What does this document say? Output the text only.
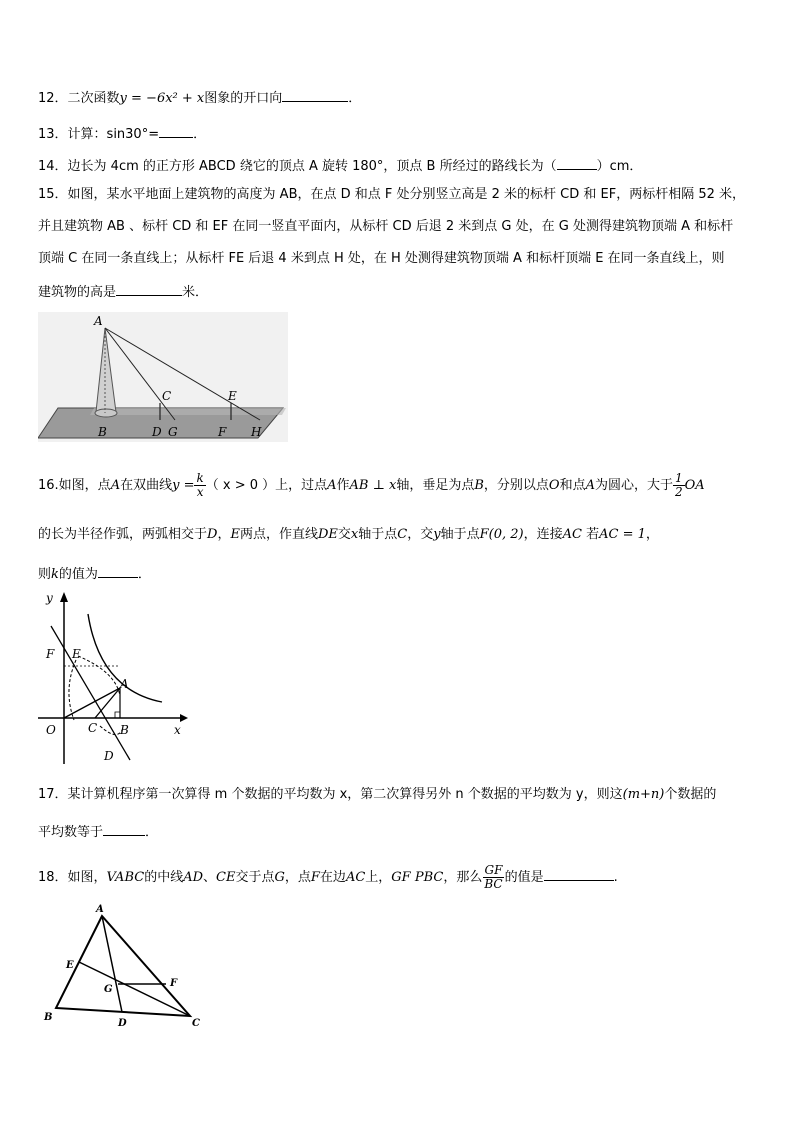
12．二次函数y = −6x² + x图象的开口向	．
13．计算：sin30°=	．
14．边长为 4cm 的正方形 ABCD 绕它的顶点 A 旋转 180°，顶点 B 所经过的路线长为（	）cm．
15．如图，某水平地面上建筑物的高度为 AB，在点 D 和点 F 处分别竖立高是 2 米的标杆 CD 和 EF，两标杆相隔 52 米，
并且建筑物 AB 、标杆 CD 和 EF 在同一竖直平面内，从标杆 CD 后退 2 米到点 G 处，在 G 处测得建筑物顶端 A 和标杆
顶端 C 在同一条直线上；从标杆 FE 后退 4 米到点 H 处，在 H 处测得建筑物顶端 A 和标杆顶端 E 在同一条直线上，则
建筑物的高是	米．
A
B
C
D
E
F
G	H
16.如图，点A在双曲线$y = \frac{k}{x}$ （ x > 0 ）上，过点A作AB ⊥ x轴，垂足为点B，分别以点O和点A为圆心，大于 $\frac{1}{2}$ OA
的长为半径作弧，两弧相交于D，E两点，作直线DE交x轴于点C，交y轴于点F(0, 2)，连接AC 若AC = 1，
则k的值为	．
y
x
O
F E
A
C B
D
17．某计算机程序第一次算得 m 个数据的平均数为 x，第二次算得另外 n 个数据的平均数为 y，则这(m+n)个数据的
平均数等于	．
18．如图，VABC的中线AD、CE交于点G，点F在边AC上，GF PBC，那么 $\frac{GF}{BC}$ 的值是	.
A
B
C
D
E
F
G
